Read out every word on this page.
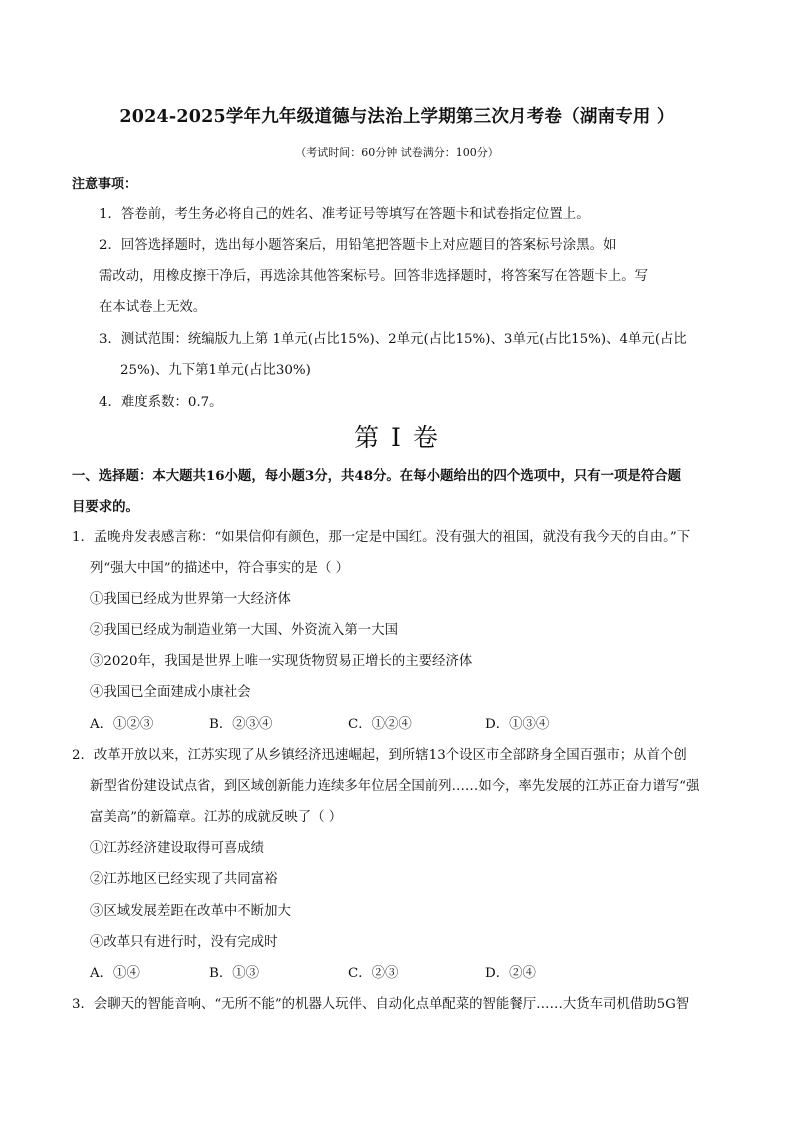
2024-2025学年九年级道德与法治上学期第三次月考卷（湖南专用 ）
（考试时间：60分钟 试卷满分：100分）
注意事项：
1．答卷前，考生务必将自己的姓名、准考证号等填写在答题卡和试卷指定位置上。
2．回答选择题时，选出每小题答案后，用铅笔把答题卡上对应题目的答案标号涂黑。如
需改动，用橡皮擦干净后，再选涂其他答案标号。回答非选择题时，将答案写在答题卡上。写
在本试卷上无效。
3．测试范围：统编版九上第 1单元(占比15%)、2单元(占比15%)、3单元(占比15%)、4单元(占比
25%)、九下第1单元(占比30%)
4．难度系数：0.7。
第 I 卷
一、选择题：本大题共16小题，每小题3分，共48分。在每小题给出的四个选项中，只有一项是符合题
目要求的。
1．孟晚舟发表感言称：“如果信仰有颜色，那一定是中国红。没有强大的祖国，就没有我今天的自由。”下
列“强大中国”的描述中，符合事实的是（ ）
①我国已经成为世界第一大经济体
②我国已经成为制造业第一大国、外资流入第一大国
③2020年，我国是世界上唯一实现货物贸易正增长的主要经济体
④我国已全面建成小康社会
A．①②③	B．②③④	C．①②④	D．①③④
2．改革开放以来，江苏实现了从乡镇经济迅速崛起，到所辖13个设区市全部跻身全国百强市；从首个创
新型省份建设试点省，到区域创新能力连续多年位居全国前列……如今，率先发展的江苏正奋力谱写“强
富美高”的新篇章。江苏的成就反映了（ ）
①江苏经济建设取得可喜成绩
②江苏地区已经实现了共同富裕
③区域发展差距在改革中不断加大
④改革只有进行时，没有完成时
A．①④	B．①③	C．②③	D．②④
3．会聊天的智能音响、“无所不能”的机器人玩伴、自动化点单配菜的智能餐厅……大货车司机借助5G智
